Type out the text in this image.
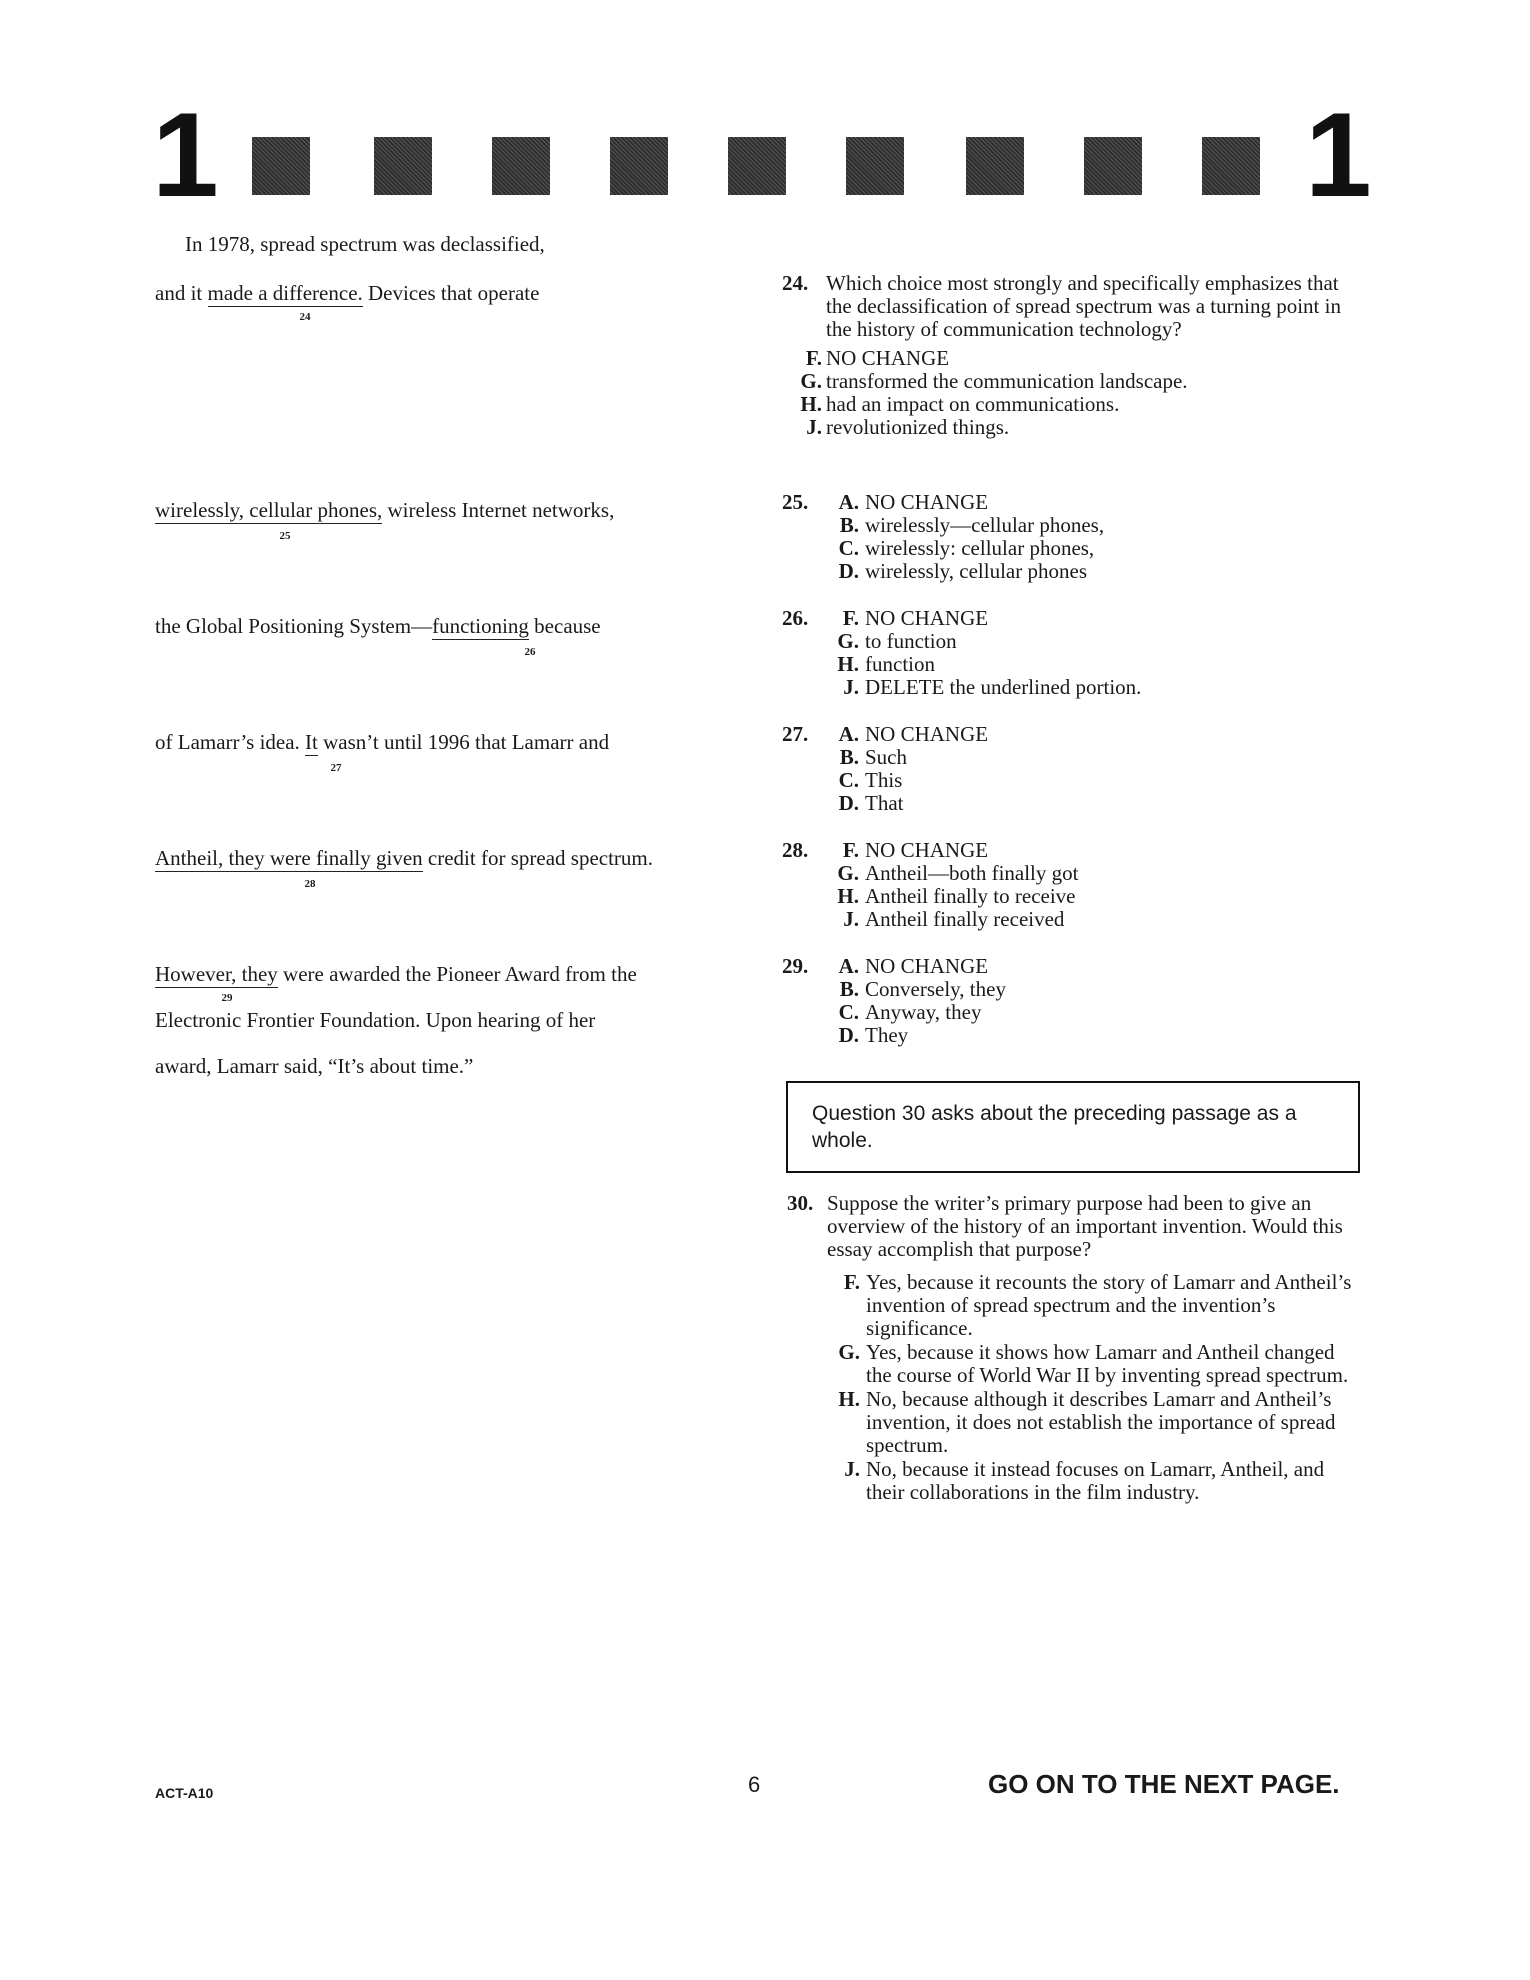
1	1
In 1978, spread spectrum was declassified,
and it made a difference. Devices that operate
24
wirelessly, cellular phones, wireless Internet networks,
25
the Global Positioning System—functioning because
26
of Lamarr’s idea. It wasn’t until 1996 that Lamarr and
27
Antheil, they were finally given credit for spread spectrum.
28
However, they were awarded the Pioneer Award from the
29
Electronic Frontier Foundation. Upon hearing of her
award, Lamarr said, “It’s about time.”
24. Which choice most strongly and specifically emphasizes that the declassification of spread spectrum was a turning point in the history of communication technology?
F. NO CHANGE
G. transformed the communication landscape.
H. had an impact on communications.
J. revolutionized things.
25.	A. NO CHANGE
B. wirelessly—cellular phones,
C. wirelessly: cellular phones,
D. wirelessly, cellular phones
26.	F. NO CHANGE
G. to function
H. function
J. DELETE the underlined portion.
27.	A. NO CHANGE
B. Such
C. This
D. That
28.	F. NO CHANGE
G. Antheil—both finally got
H. Antheil finally to receive
J. Antheil finally received
29.	A. NO CHANGE
B. Conversely, they
C. Anyway, they
D. They
Question 30 asks about the preceding passage as a whole.
30. Suppose the writer’s primary purpose had been to give an overview of the history of an important invention. Would this essay accomplish that purpose?
F. Yes, because it recounts the story of Lamarr and Antheil’s invention of spread spectrum and the invention’s significance.
G. Yes, because it shows how Lamarr and Antheil changed the course of World War II by inventing spread spectrum.
H. No, because although it describes Lamarr and Antheil’s invention, it does not establish the importance of spread spectrum.
J. No, because it instead focuses on Lamarr, Antheil, and their collaborations in the film industry.
ACT-A10	6	GO ON TO THE NEXT PAGE.
